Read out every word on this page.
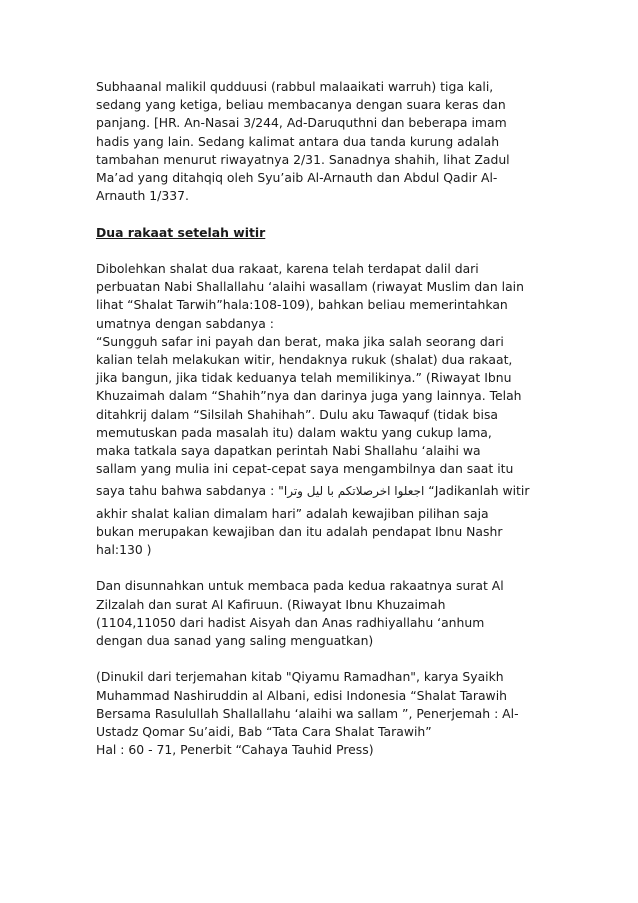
Subhaanal malikil qudduusi (rabbul malaaikati warruh) tiga kali,
sedang yang ketiga, beliau membacanya dengan suara keras dan
panjang. [HR. An-Nasai 3/244, Ad-Daruquthni dan beberapa imam
hadis yang lain. Sedang kalimat antara dua tanda kurung adalah
tambahan menurut riwayatnya 2/31. Sanadnya shahih, lihat Zadul
Ma’ad yang ditahqiq oleh Syu’aib Al-Arnauth dan Abdul Qadir Al-
Arnauth 1/337.

Dua rakaat setelah witir

Dibolehkan shalat dua rakaat, karena telah terdapat dalil dari
perbuatan Nabi Shallallahu ‘alaihi wasallam (riwayat Muslim dan lain
lihat “Shalat Tarwih”hala:108-109), bahkan beliau memerintahkan
umatnya dengan sabdanya :
“Sungguh safar ini payah dan berat, maka jika salah seorang dari
kalian telah melakukan witir, hendaknya rukuk (shalat) dua rakaat,
jika bangun, jika tidak keduanya telah memilikinya.” (Riwayat Ibnu
Khuzaimah dalam “Shahih”nya dan darinya juga yang lainnya. Telah
ditahkrij dalam “Silsilah Shahihah”. Dulu aku Tawaquf (tidak bisa
memutuskan pada masalah itu) dalam waktu yang cukup lama,
maka tatkala saya dapatkan perintah Nabi Shallahu ‘alaihi wa
sallam yang mulia ini cepat-cepat saya mengambilnya dan saat itu
saya tahu bahwa sabdanya : "اجعلوا اخرصلاتكم با ليل وترا “Jadikanlah witir
akhir shalat kalian dimalam hari” adalah kewajiban pilihan saja
bukan merupakan kewajiban dan itu adalah pendapat Ibnu Nashr
hal:130 )

Dan disunnahkan untuk membaca pada kedua rakaatnya surat Al
Zilzalah dan surat Al Kafiruun. (Riwayat Ibnu Khuzaimah
(1104,11050 dari hadist Aisyah dan Anas radhiyallahu ‘anhum
dengan dua sanad yang saling menguatkan)

(Dinukil dari terjemahan kitab "Qiyamu Ramadhan", karya Syaikh
Muhammad Nashiruddin al Albani, edisi Indonesia “Shalat Tarawih
Bersama Rasulullah Shallallahu ‘alaihi wa sallam ”, Penerjemah : Al-
Ustadz Qomar Su’aidi, Bab “Tata Cara Shalat Tarawih”
Hal : 60 - 71, Penerbit “Cahaya Tauhid Press)
